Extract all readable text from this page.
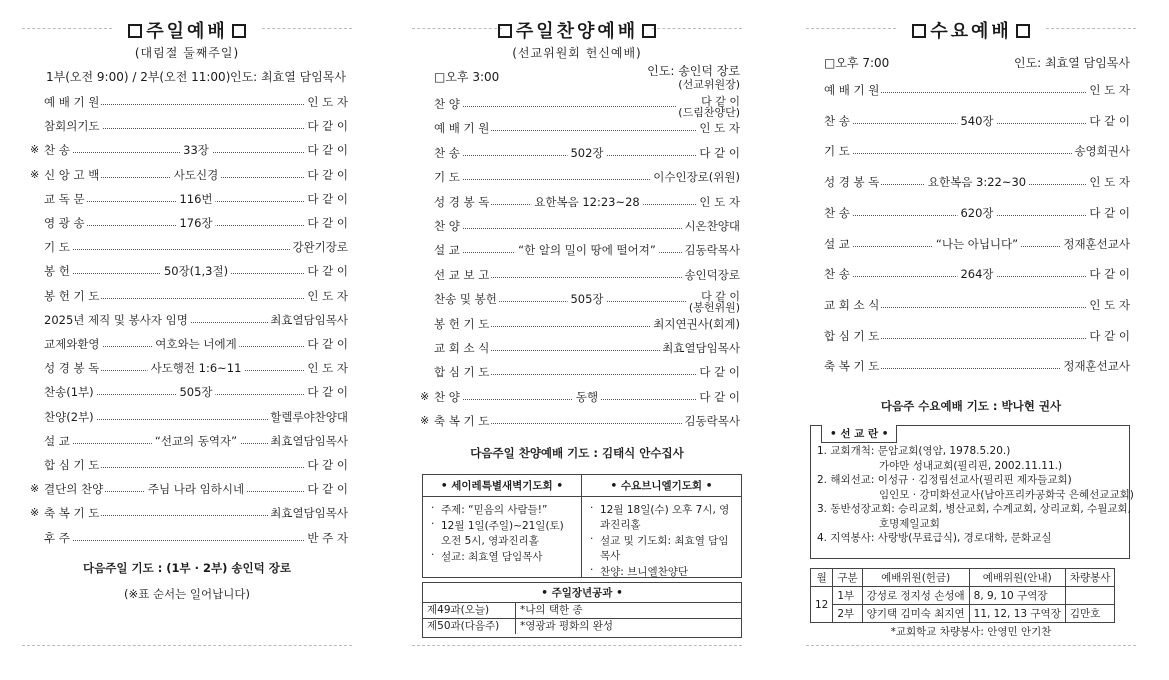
주일예배
(대림절 둘째주일)
1부(오전 9:00) / 2부(오전 11:00) 인도: 최효열 담임목사
예 배 기 원	인 도 자
참회의기도	다 같 이
※ 찬 송	33장	다 같 이
※ 신 앙 고 백	사도신경	다 같 이
교 독 문	116번	다 같 이
영 광 송	176장	다 같 이
기 도	강완기장로
봉 헌	50장(1,3절)	다 같 이
봉 헌 기 도	인 도 자
2025년 제직 및 봉사자 임명	최효열담임목사
교제와환영	여호와는 너에게	다 같 이
성 경 봉 독	사도행전 1:6~11	인 도 자
찬송(1부)	505장	다 같 이
찬양(2부)	할렐루야찬양대
설 교	“선교의 동역자”	최효열담임목사
합 심 기 도	다 같 이
※ 결단의 찬양	주님 나라 임하시네	다 같 이
※ 축 복 기 도	최효열담임목사
후 주	반 주 자
다음주일 기도 : (1부 · 2부) 송인덕 장로
(※표 순서는 일어납니다)
주일찬양예배
(선교위원회 헌신예배)
□오후 3:00	인도: 송인덕 장로
(선교위원장)
찬 양	다 같 이
(드림찬양단)
예 배 기 원	인 도 자
찬 송	502장	다 같 이
기 도	이수인장로(위원)
성 경 봉 독	요한복음 12:23~28	인 도 자
찬 양	시온찬양대
설 교	“한 알의 밀이 땅에 떨어져” 김동락목사
선 교 보 고	송인덕장로
찬송 및 봉헌	505장	다 같 이
(봉헌위원)
봉 헌 기 도	최지연권사(회계)
교 회 소 식	최효열담임목사
합 심 기 도	다 같 이
※ 찬 양	동행	다 같 이
※ 축 복 기 도	김동락목사
다음주일 찬양예배 기도 : 김태식 안수집사
• 세이레특별새벽기도회 •
· 주제: “믿음의 사람들!”
· 12월 1일(주일)~21일(토) 오전 5시, 영과진리홀
· 설교: 최효열 담임목사
• 수요브니엘기도회 •
· 12월 18일(수) 오후 7시, 영과진리홀
· 설교 및 기도회: 최효열 담임목사
· 찬양: 브니엘찬양단
• 주일장년공과 •
제49과(오늘)	*나의 택한 종
제50과(다음주)	*영광과 평화의 완성
수요예배
□오후 7:00	인도: 최효열 담임목사
예 배 기 원	인 도 자
찬 송	540장	다 같 이
기 도	송영희권사
성 경 봉 독	요한복음 3:22~30	인 도 자
찬 송	620장	다 같 이
설 교	“나는 아닙니다”	정재훈선교사
찬 송	264장	다 같 이
교 회 소 식	인 도 자
합 심 기 도	다 같 이
축 복 기 도	정재훈선교사
다음주 수요예배 기도 : 박나현 권사
• 선 교 란 •
1. 교회개척: 문암교회(영암, 1978.5.20.)
가야만 성내교회(필리핀, 2002.11.11.)
2. 해외선교: 이성규 · 김정림선교사(필리핀 제자들교회)
임인모 · 강미화선교사(남아프리카공화국 은혜선교교회)
3. 동반성장교회: 승리교회, 병산교회, 수계교회, 상리교회, 수월교회,
호명제일교회
4. 지역봉사: 사랑방(무료급식), 경로대학, 문화교실
월	구분	예배위원(헌금)	예배위원(안내)	차량봉사
12	1부	강성로 정지성 손성애	8, 9, 10 구역장	
	2부	양기택 김미숙 최지연	11, 12, 13 구역장	김만호
*교회학교 차량봉사: 안영민 안기찬
